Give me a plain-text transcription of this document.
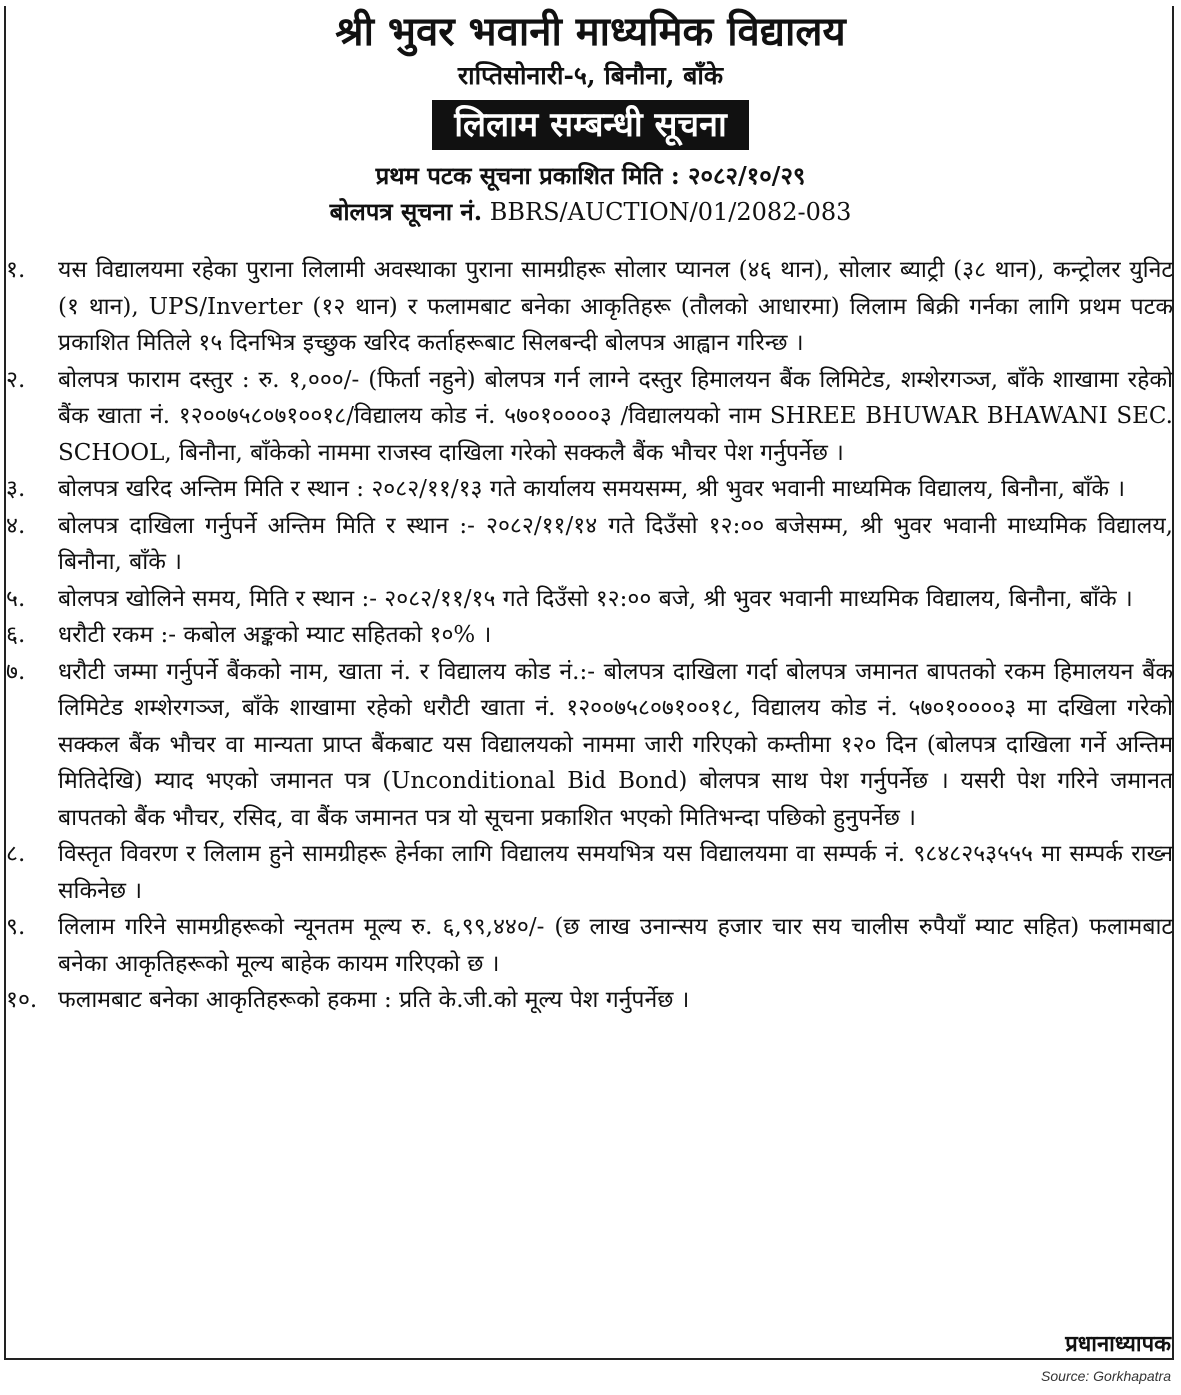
श्री भुवर भवानी माध्यमिक विद्यालय
राप्तिसोनारी-५, बिनौना, बाँके
लिलाम सम्बन्धी सूचना
प्रथम पटक सूचना प्रकाशित मिति : २०८२/१०/२९
बोलपत्र सूचना नं. BBRS/AUCTION/01/2082-083
१.	यस विद्यालयमा रहेका पुराना लिलामी अवस्थाका पुराना सामग्रीहरू सोलार प्यानल (४६ थान), सोलार ब्याट्री (३८ थान), कन्ट्रोलर युनिट (१ थान), UPS/Inverter (१२ थान) र फलामबाट बनेका आकृतिहरू (तौलको आधारमा) लिलाम बिक्री गर्नका लागि प्रथम पटक प्रकाशित मितिले १५ दिनभित्र इच्छुक खरिद कर्ताहरूबाट सिलबन्दी बोलपत्र आह्वान गरिन्छ ।
२.	बोलपत्र फाराम दस्तुर : रु. १,०००/- (फिर्ता नहुने) बोलपत्र गर्न लाग्ने दस्तुर हिमालयन बैंक लिमिटेड, शम्शेरगञ्ज, बाँके शाखामा रहेको बैंक खाता नं. १२००७५८०७१००१८/विद्यालय कोड नं. ५७०१००००३ /विद्यालयको नाम SHREE BHUWAR BHAWANI SEC. SCHOOL, बिनौना, बाँकेको नाममा राजस्व दाखिला गरेको सक्कलै बैंक भौचर पेश गर्नुपर्नेछ ।
३.	बोलपत्र खरिद अन्तिम मिति र स्थान : २०८२/११/१३ गते कार्यालय समयसम्म, श्री भुवर भवानी माध्यमिक विद्यालय, बिनौना, बाँके ।
४.	बोलपत्र दाखिला गर्नुपर्ने अन्तिम मिति र स्थान :- २०८२/११/१४ गते दिउँसो १२:०० बजेसम्म, श्री भुवर भवानी माध्यमिक विद्यालय, बिनौना, बाँके ।
५.	बोलपत्र खोलिने समय, मिति र स्थान :- २०८२/११/१५ गते दिउँसो १२:०० बजे, श्री भुवर भवानी माध्यमिक विद्यालय, बिनौना, बाँके ।
६.	धरौटी रकम :- कबोल अङ्कको म्याट सहितको १०% ।
७.	धरौटी जम्मा गर्नुपर्ने बैंकको नाम, खाता नं. र विद्यालय कोड नं.:- बोलपत्र दाखिला गर्दा बोलपत्र जमानत बापतको रकम हिमालयन बैंक लिमिटेड शम्शेरगञ्ज, बाँके शाखामा रहेको धरौटी खाता नं. १२००७५८०७१००१८, विद्यालय कोड नं. ५७०१००००३ मा दखिला गरेको सक्कल बैंक भौचर वा मान्यता प्राप्त बैंकबाट यस विद्यालयको नाममा जारी गरिएको कम्तीमा १२० दिन (बोलपत्र दाखिला गर्ने अन्तिम मितिदेखि) म्याद भएको जमानत पत्र (Unconditional Bid Bond) बोलपत्र साथ पेश गर्नुपर्नेछ । यसरी पेश गरिने जमानत बापतको बैंक भौचर, रसिद, वा बैंक जमानत पत्र यो सूचना प्रकाशित भएको मितिभन्दा पछिको हुनुपर्नेछ ।
८.	विस्तृत विवरण र लिलाम हुने सामग्रीहरू हेर्नका लागि विद्यालय समयभित्र यस विद्यालयमा वा सम्पर्क नं. ९८४८२५३५५५ मा सम्पर्क राख्न सकिनेछ ।
९.	लिलाम गरिने सामग्रीहरूको न्यूनतम मूल्य रु. ६,९९,४४०/- (छ लाख उनान्सय हजार चार सय चालीस रुपैयाँ म्याट सहित) फलामबाट बनेका आकृतिहरूको मूल्य बाहेक कायम गरिएको छ ।
१०. फलामबाट बनेका आकृतिहरूको हकमा : प्रति के.जी.को मूल्य पेश गर्नुपर्नेछ ।
प्रधानाध्यापक
Source: Gorkhapatra
